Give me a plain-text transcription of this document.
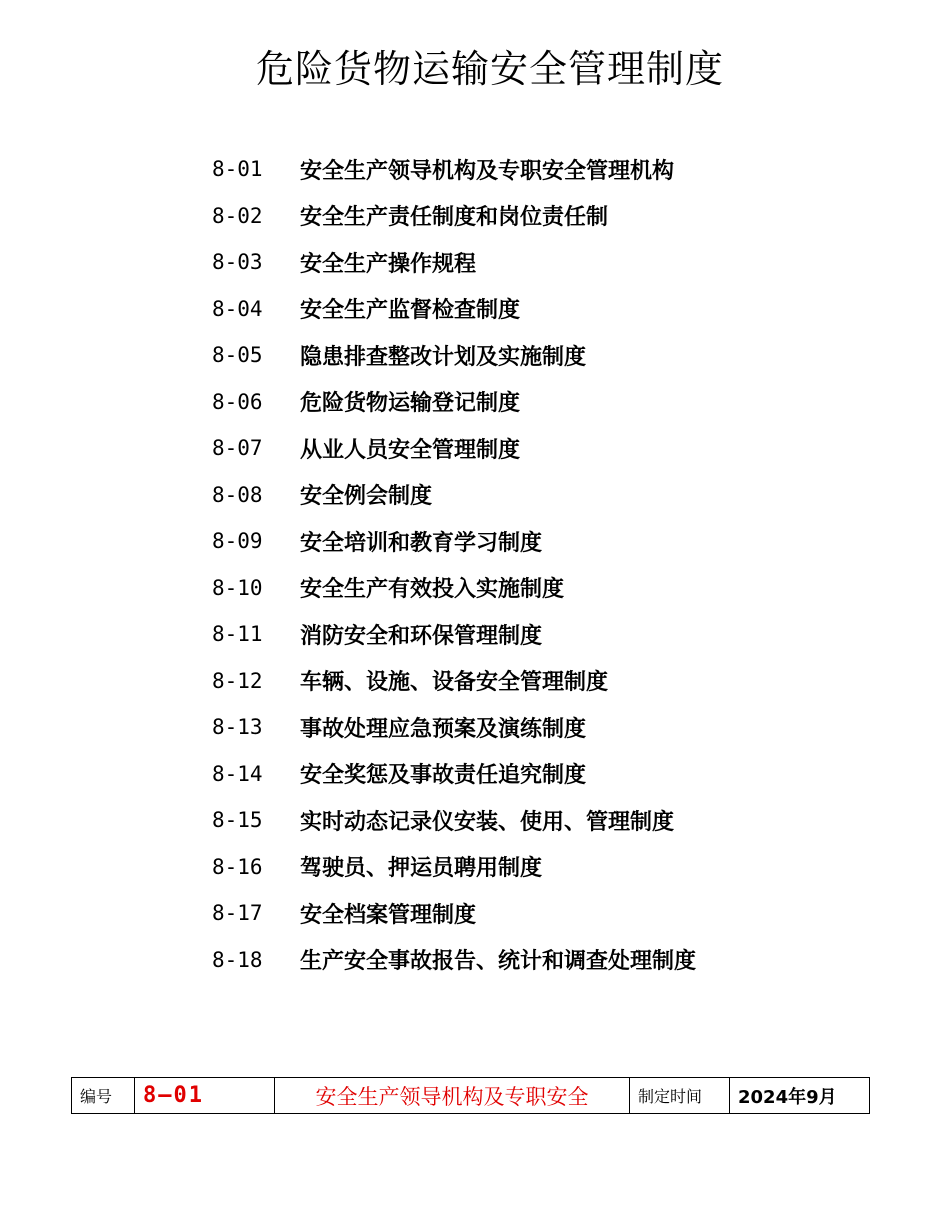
危险货物运输安全管理制度
8-01	安全生产领导机构及专职安全管理机构
8-02	安全生产责任制度和岗位责任制
8-03	安全生产操作规程
8-04	安全生产监督检查制度
8-05	隐患排查整改计划及实施制度
8-06	危险货物运输登记制度
8-07	从业人员安全管理制度
8-08	安全例会制度
8-09	安全培训和教育学习制度
8-10	安全生产有效投入实施制度
8-11	消防安全和环保管理制度
8-12	车辆、设施、设备安全管理制度
8-13	事故处理应急预案及演练制度
8-14	安全奖惩及事故责任追究制度
8-15	实时动态记录仪安装、使用、管理制度
8-16	驾驶员、押运员聘用制度
8-17	安全档案管理制度
8-18	生产安全事故报告、统计和调查处理制度
编号	8—01	安全生产领导机构及专职安全	制定时间	2024年9月
